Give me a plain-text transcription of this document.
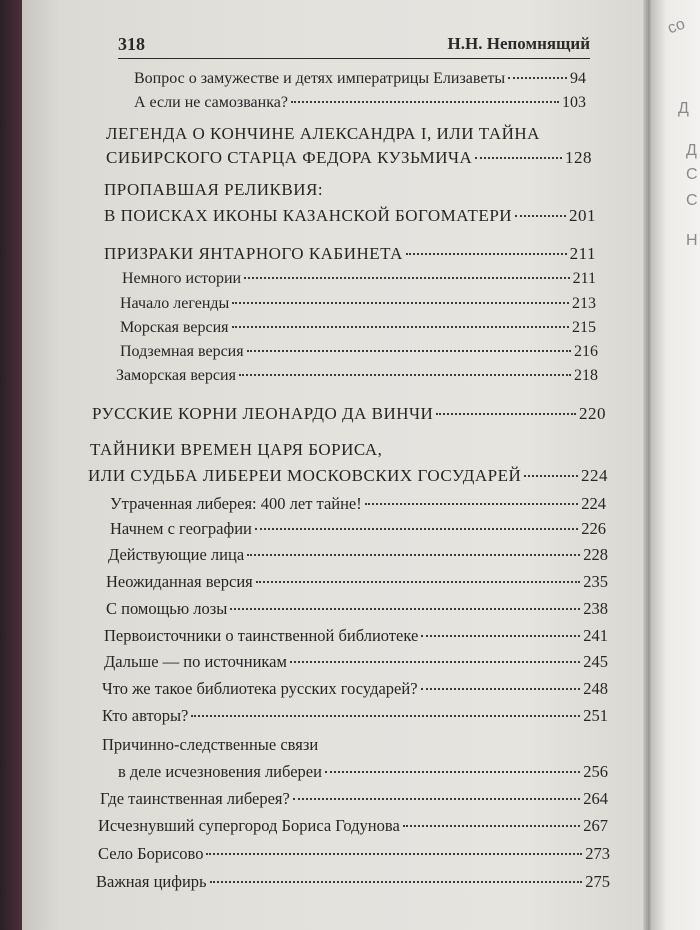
со
Д
Д
С
С
Н
318	Н.Н. Непомнящий
Вопрос о замужестве и детях императрицы Елизаветы	94
А если не самозванка?	103
ЛЕГЕНДА О КОНЧИНЕ АЛЕКСАНДРА I, ИЛИ ТАЙНА
СИБИРСКОГО СТАРЦА ФЕДОРА КУЗЬМИЧА	128
ПРОПАВШАЯ РЕЛИКВИЯ:
В ПОИСКАХ ИКОНЫ КАЗАНСКОЙ БОГОМАТЕРИ	201
ПРИЗРАКИ ЯНТАРНОГО КАБИНЕТА	211
Немного истории	211
Начало легенды	213
Морская версия	215
Подземная версия	216
Заморская версия	218
РУССКИЕ КОРНИ ЛЕОНАРДО ДА ВИНЧИ	220
ТАЙНИКИ ВРЕМЕН ЦАРЯ БОРИСА,
ИЛИ СУДЬБА ЛИБЕРЕИ МОСКОВСКИХ ГОСУДАРЕЙ	224
Утраченная либерея: 400 лет тайне!	224
Начнем с географии	226
Действующие лица	228
Неожиданная версия	235
С помощью лозы	238
Первоисточники о таинственной библиотеке	241
Дальше — по источникам	245
Что же такое библиотека русских государей?	248
Кто авторы?	251
Причинно-следственные связи
в деле исчезновения либереи	256
Где таинственная либерея?	264
Исчезнувший супергород Бориса Годунова	267
Село Борисово	273
Важная цифирь	275
